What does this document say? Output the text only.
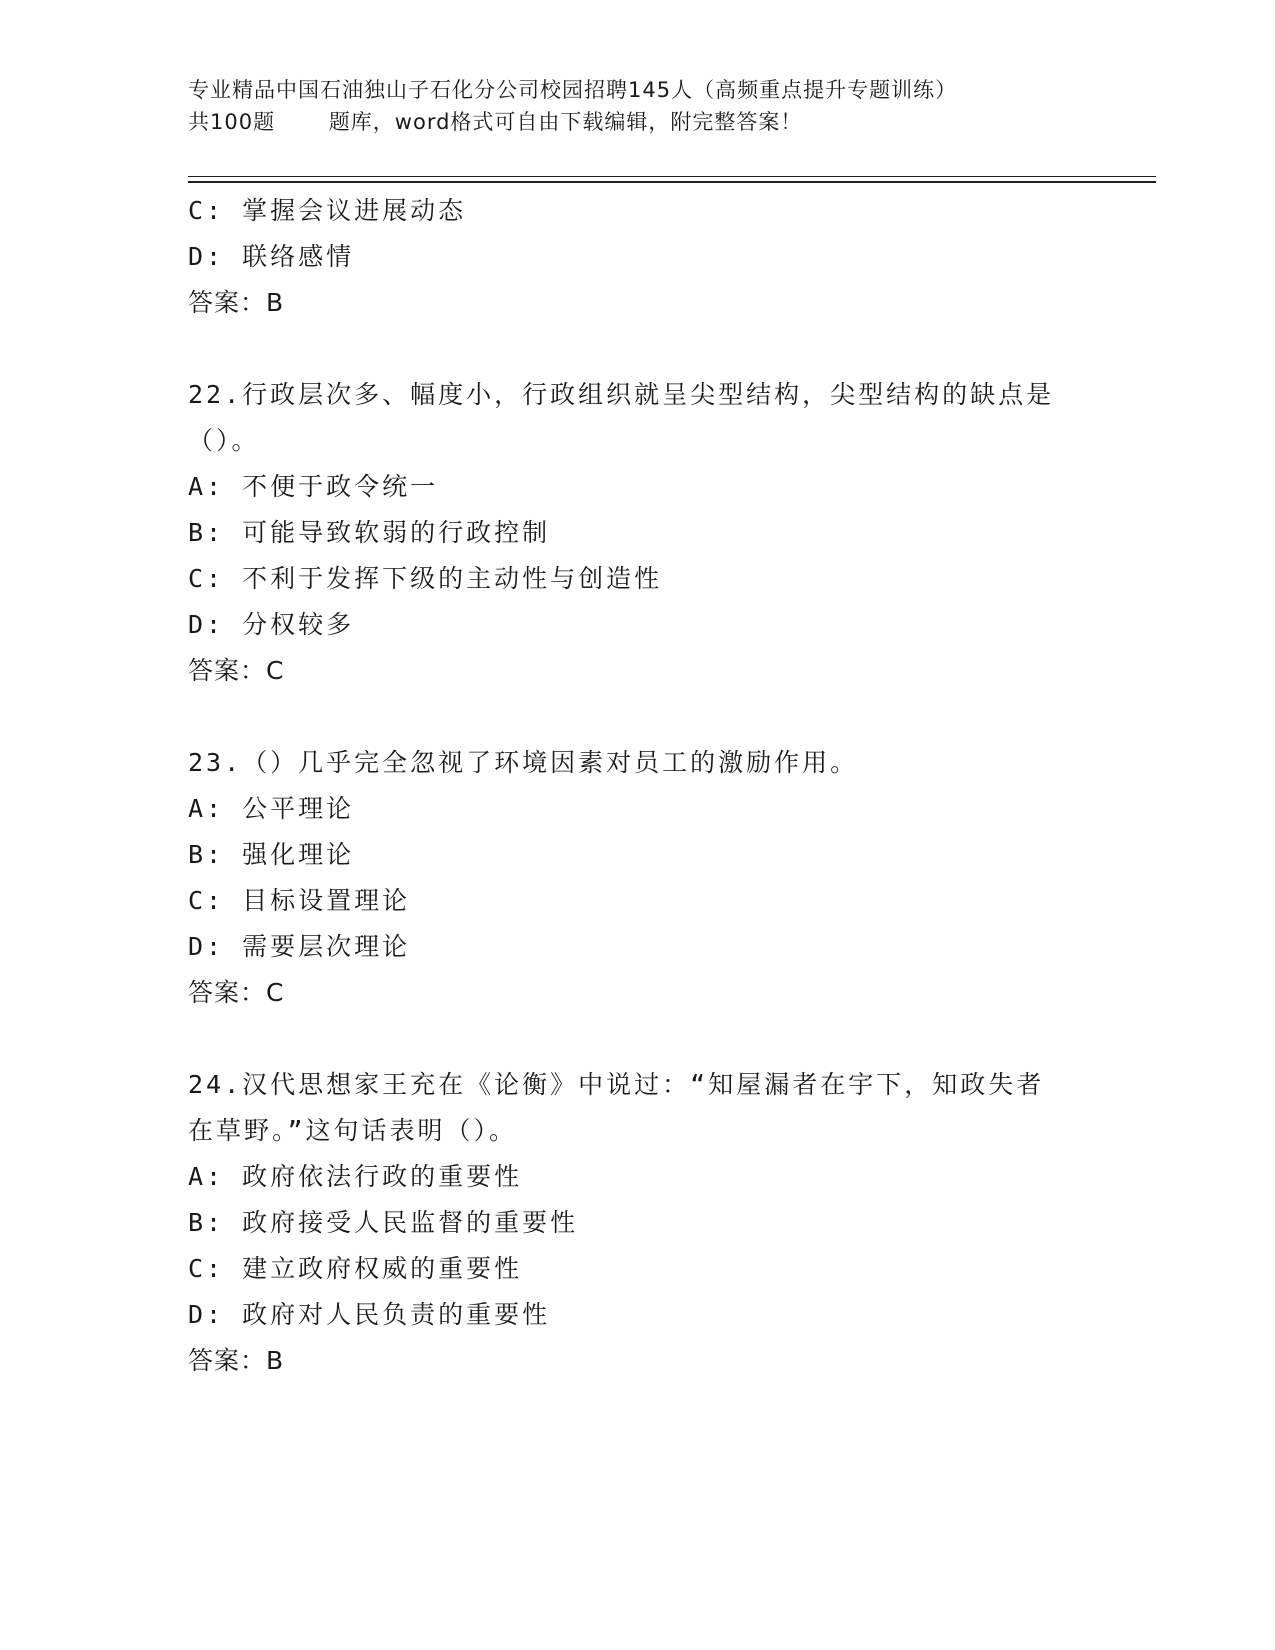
专业精品中国石油独山子石化分公司校园招聘145人（高频重点提升专题训练）
共100题       题库，word格式可自由下载编辑，附完整答案！
C: 掌握会议进展动态
D: 联络感情
答案：B
22.行政层次多、幅度小，行政组织就呈尖型结构，尖型结构的缺点是
（）。
A: 不便于政令统一
B: 可能导致软弱的行政控制
C: 不利于发挥下级的主动性与创造性
D: 分权较多
答案：C
23.（）几乎完全忽视了环境因素对员工的激励作用。
A: 公平理论
B: 强化理论
C: 目标设置理论
D: 需要层次理论
答案：C
24.汉代思想家王充在《论衡》中说过：“知屋漏者在宇下，知政失者
在草野。”这句话表明（）。
A: 政府依法行政的重要性
B: 政府接受人民监督的重要性
C: 建立政府权威的重要性
D: 政府对人民负责的重要性
答案：B
